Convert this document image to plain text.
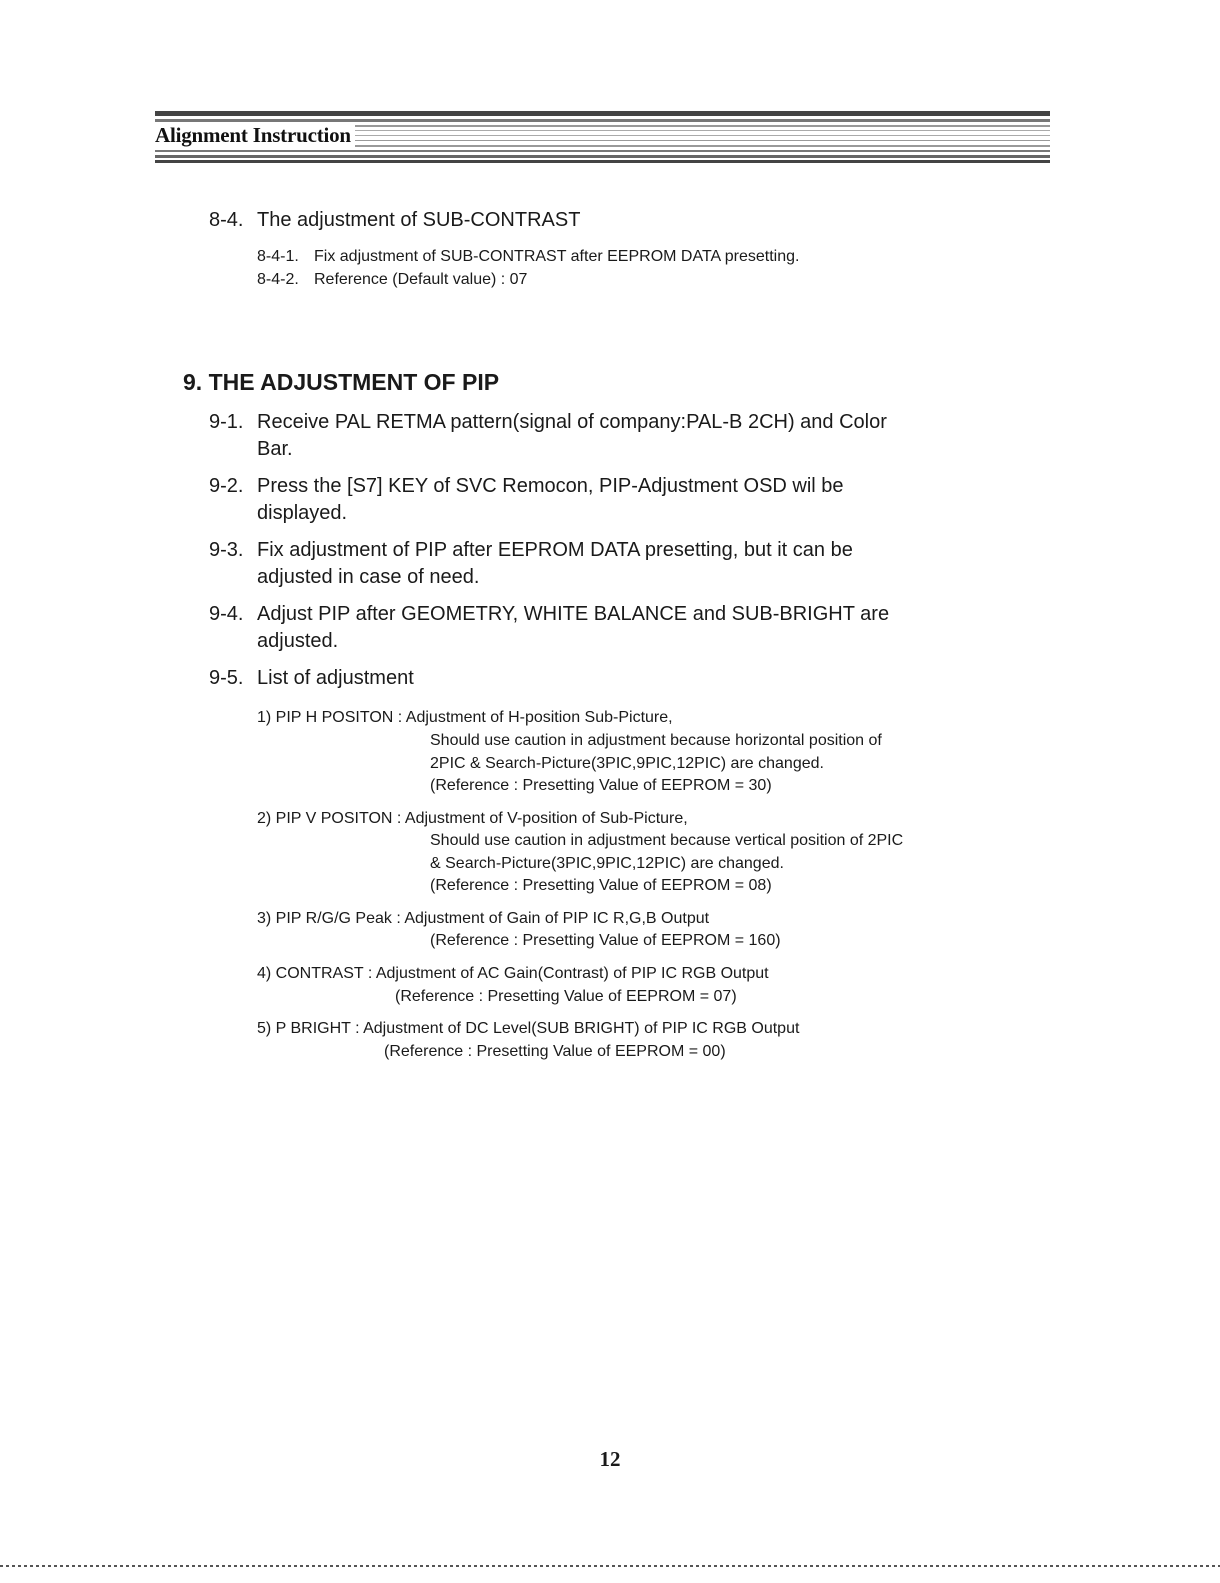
Alignment Instruction
8-4. The adjustment of SUB-CONTRAST
8-4-1. Fix adjustment of SUB-CONTRAST after EEPROM DATA presetting.
8-4-2. Reference (Default value) : 07
9. THE ADJUSTMENT OF PIP
9-1. Receive PAL RETMA pattern(signal of company:PAL-B 2CH) and Color
Bar.
9-2. Press the [S7] KEY of SVC Remocon, PIP-Adjustment OSD wil be
displayed.
9-3. Fix adjustment of PIP after EEPROM DATA presetting, but it can be
adjusted in case of need.
9-4. Adjust PIP after GEOMETRY, WHITE BALANCE and SUB-BRIGHT are
adjusted.
9-5. List of adjustment
1) PIP H POSITON : Adjustment of H-position Sub-Picture,
Should use caution in adjustment because horizontal position of
2PIC & Search-Picture(3PIC,9PIC,12PIC) are changed.
(Reference : Presetting Value of EEPROM = 30)
2) PIP V POSITON : Adjustment of V-position of Sub-Picture,
Should use caution in adjustment because vertical position of 2PIC
& Search-Picture(3PIC,9PIC,12PIC) are changed.
(Reference : Presetting Value of EEPROM = 08)
3) PIP R/G/G Peak : Adjustment of Gain of PIP IC R,G,B Output
(Reference : Presetting Value of EEPROM = 160)
4) CONTRAST : Adjustment of AC Gain(Contrast) of PIP IC RGB Output
(Reference : Presetting Value of EEPROM = 07)
5) P BRIGHT : Adjustment of DC Level(SUB BRIGHT) of PIP IC RGB Output
(Reference : Presetting Value of EEPROM = 00)
12
